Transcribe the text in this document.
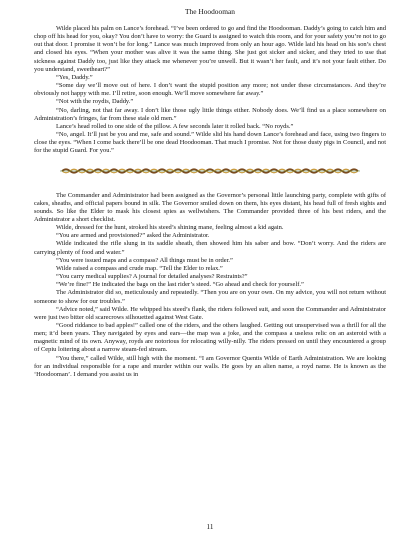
The Hoodooman

Wilde placed his palm on Lance’s forehead. “I’ve been ordered to go and find the Hoodooman. Daddy’s going to catch him and chop off his head for you, okay? You don’t have to worry: the Guard is assigned to watch this room, and for your safety you’re not to go out that door. I promise it won’t be for long.” Lance was much improved from only an hour ago. Wilde laid his head on his son’s chest and closed his eyes. “When your mother was alive it was the same thing. She just got sicker and sicker, and they tried to use that sickness against Daddy too, just like they attack me whenever you’re unwell. But it wasn’t her fault, and it’s not your fault either. Do you understand, sweetheart?”

“Yes, Daddy.”

“Some day we’ll move out of here. I don’t want the stupid position any more; not under these circumstances. And they’re obviously not happy with me. I’ll retire, soon enough. We’ll move somewhere far away.”

“Not with the roydis, Daddy.”

“No, darling, not that far away. I don’t like those ugly little things either. Nobody does. We’ll find us a place somewhere on Administration’s fringes, far from these stale old men.”

Lance’s head rolled to one side of the pillow. A few seconds later it rolled back. “No royds.”

“No, angel. It’ll just be you and me, safe and sound.” Wilde slid his hand down Lance’s forehead and face, using two fingers to close the eyes. “When I come back there’ll be one dead Hoodooman. That much I promise. Not for those dusty pigs in Council, and not for the stupid Guard. For you.”

The Commander and Administrator had been assigned as the Governor’s personal little launching party, complete with gifts of cakes, sheaths, and official papers bound in silk. The Governor smiled down on them, his eyes distant, his head full of fresh sights and sounds. So like the Elder to mask his closest spies as wellwishers. The Commander provided three of his best riders, and the Administrator a short checklist.

Wilde, dressed for the hunt, stroked his steed’s shining mane, feeling almost a kid again.

“You are armed and provisioned?” asked the Administrator.

Wilde indicated the rifle slung in its saddle sheath, then showed him his saber and bow. “Don’t worry. And the riders are carrying plenty of food and water.”

“You were issued maps and a compass? All things must be in order.”

Wilde raised a compass and crude map. “Tell the Elder to relax.”

“You carry medical supplies? A journal for detailed analyses? Restraints?”

“We’re fine!” He indicated the bags on the last rider’s steed. “Go ahead and check for yourself.”

The Administrator did so, meticulously and repeatedly. “Then you are on your own. On my advice, you will not return without someone to show for our troubles.”

“Advice noted,” said Wilde. He whipped his steed’s flank, the riders followed suit, and soon the Commander and Administrator were just two bitter old scarecrows silhouetted against West Gate.

“Good riddance to bad apples!” called one of the riders, and the others laughed. Getting out unsupervised was a thrill for all the men; it’d been years. They navigated by eyes and ears—the map was a joke, and the compass a useless relic on an asteroid with a magnetic mind of its own. Anyway, royds are notorious for relocating willy-nilly. The riders pressed on until they encountered a group of Cepiu loitering about a narrow steam-fed stream.

“You there,” called Wilde, still high with the moment. “I am Governor Quentis Wilde of Earth Administration. We are looking for an individual responsible for a rape and murder within our walls. He goes by an alien name, a royd name. He is known as the ‘Hoodooman’. I demand you assist us in

11
